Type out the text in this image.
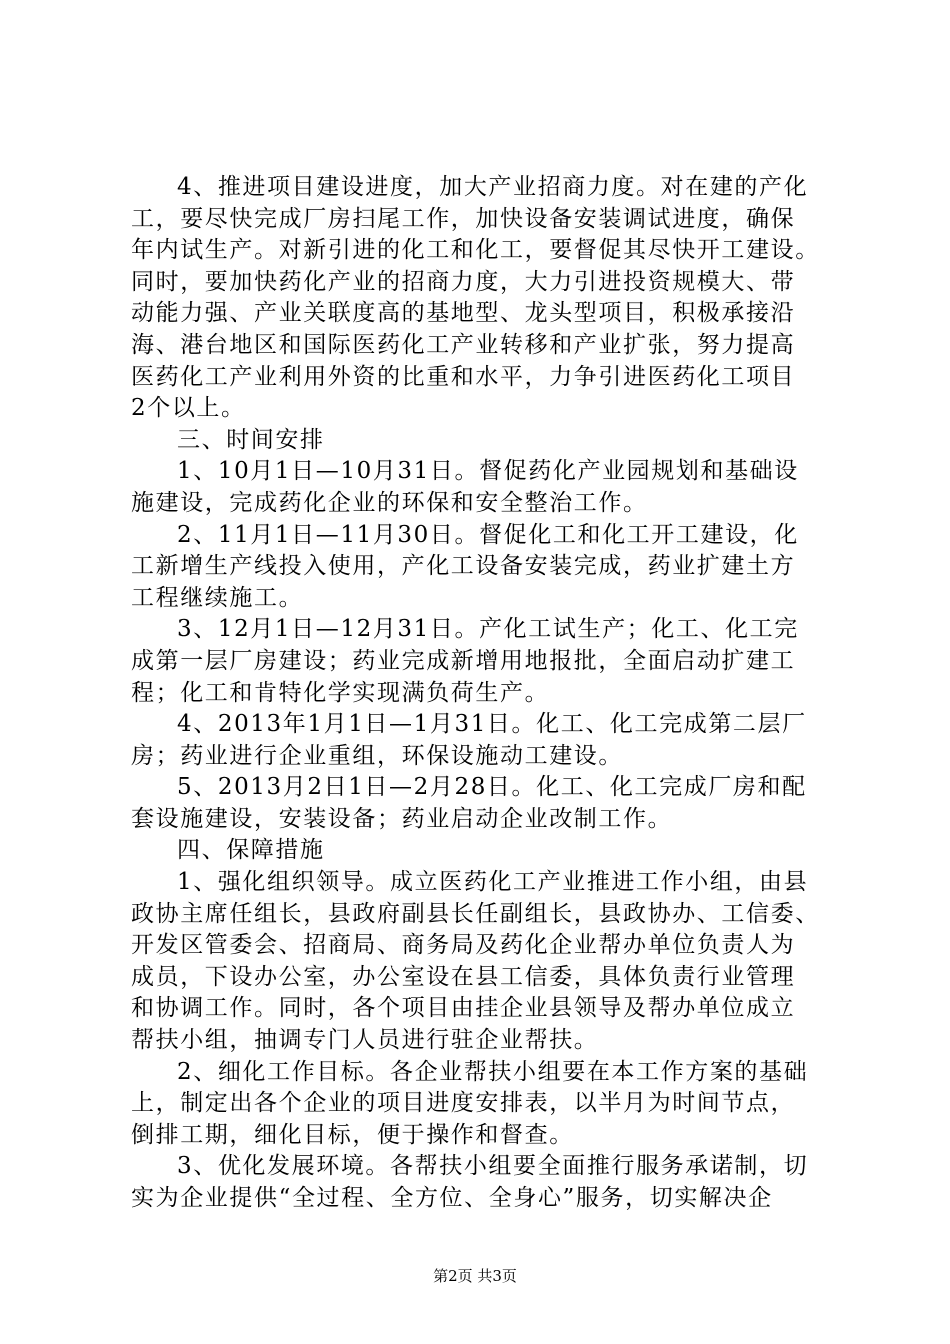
4、推进项目建设进度，加大产业招商力度。对在建的产化
工，要尽快完成厂房扫尾工作，加快设备安装调试进度，确保
年内试生产。对新引进的化工和化工，要督促其尽快开工建设。
同时，要加快药化产业的招商力度，大力引进投资规模大、带
动能力强、产业关联度高的基地型、龙头型项目，积极承接沿
海、港台地区和国际医药化工产业转移和产业扩张，努力提高
医药化工产业利用外资的比重和水平，力争引进医药化工项目
2个以上。
三、时间安排
1、10月1日—10月31日。督促药化产业园规划和基础设
施建设，完成药化企业的环保和安全整治工作。
2、11月1日—11月30日。督促化工和化工开工建设，化
工新增生产线投入使用，产化工设备安装完成，药业扩建土方
工程继续施工。
3、12月1日—12月31日。产化工试生产；化工、化工完
成第一层厂房建设；药业完成新增用地报批，全面启动扩建工
程；化工和肯特化学实现满负荷生产。
4、2013年1月1日—1月31日。化工、化工完成第二层厂
房；药业进行企业重组，环保设施动工建设。
5、2013月2日1日—2月28日。化工、化工完成厂房和配
套设施建设，安装设备；药业启动企业改制工作。
四、保障措施
1、强化组织领导。成立医药化工产业推进工作小组，由县
政协主席任组长，县政府副县长任副组长，县政协办、工信委、
开发区管委会、招商局、商务局及药化企业帮办单位负责人为
成员，下设办公室，办公室设在县工信委，具体负责行业管理
和协调工作。同时，各个项目由挂企业县领导及帮办单位成立
帮扶小组，抽调专门人员进行驻企业帮扶。
2、细化工作目标。各企业帮扶小组要在本工作方案的基础
上，制定出各个企业的项目进度安排表，以半月为时间节点，
倒排工期，细化目标，便于操作和督查。
3、优化发展环境。各帮扶小组要全面推行服务承诺制，切
实为企业提供“全过程、全方位、全身心”服务，切实解决企
第2页 共3页
